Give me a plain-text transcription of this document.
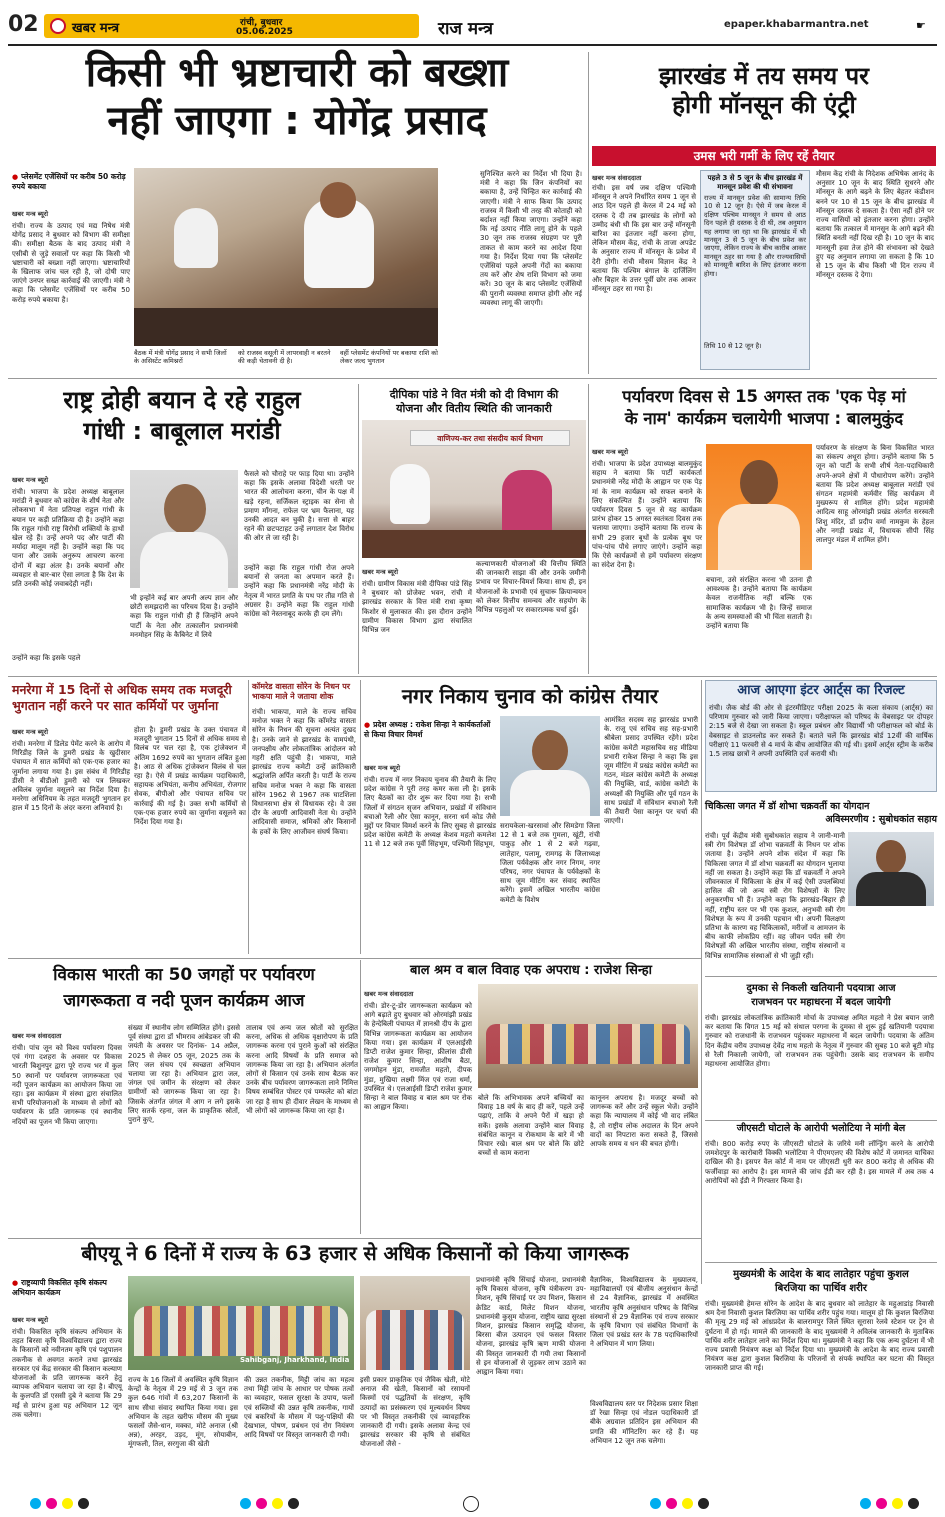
02	खबर मन्त्र	रांची, बुधवार
05.06.2025	राज मन्त्र	epaper.khabarmantra.net	☛
किसी भी भ्रष्टाचारी को बख्शा
नहीं जाएगा : योगेंद्र प्रसाद
● प्लेसमेंट एजेंसियों पर करीब 50 करोड़ रुपये बकाया
खबर मन्त्र ब्यूरो
रांची। राज्य के उत्पाद एवं मद्य निषेध मंत्री योगेंद्र प्रसाद ने बुधवार को विभाग की समीक्षा की। समीक्षा बैठक के बाद उत्पाद मंत्री ने एसीबी से जुड़े सवालों पर कहा कि किसी भी भ्रष्टाचारी को बख्शा नहीं जाएगा। भ्रष्टाचारियों के खिलाफ जांच चल रही है, जो दोषी पाए जाएंगे उनपर सख्त कार्रवाई की जाएगी। मंत्री ने कहा कि प्लेसमेंट एजेंसियों पर करीब 50 करोड़ रुपये बकाया है।
बैठक में मंत्री योगेंद्र प्रसाद ने सभी जिलों के असिस्टेंट कमिश्नरों
को राजस्व वसूली में लापरवाही न बरतने की कड़ी चेतावनी दी है।
वहीं प्लेसमेंट कंपनियों पर बकाया राशि को लेकर जल्द भुगतान
सुनिश्चित करने का निर्देश भी दिया है। मंत्री ने कहा कि जिन कंपनियों का बकाया है, उन्हें चिन्हित कर कार्रवाई की जाएगी। मंत्री ने साफ किया कि उत्पाद राजस्व में किसी भी तरह की कोताही को बर्दाश्त नहीं किया जाएगा। उन्होंने कहा कि नई उत्पाद नीति लागू होने के पहले 30 जून तक राजस्व संग्रहण पर पूरी ताकत से काम करने का आदेश दिया गया है। निर्देश दिया गया कि प्लेसमेंट एजेंसियां पहले अपनी गेंदों का बकाया तय करें और शेष राशि विभाग को जमा करें। 30 जून के बाद प्लेसमेंट एजेंसियों की पुरानी व्यवस्था समाप्त होगी और नई व्यवस्था लागू की जाएगी।
झारखंड में तय समय पर
होगी मॉनसून की एंट्री
उमस भरी गर्मी के लिए रहें तैयार
खबर मन्त्र संवाददाता
रांची। इस वर्ष जब दक्षिण पश्चिमी मॉनसून ने अपने निर्धारित समय 1 जून से आठ दिन पहले ही केरल में 24 मई को दस्तक दे दी तब झारखंड के लोगों को उम्मीद बंधी थी कि इस बार उन्हें मॉनसूनी बारिश का इंतजार नहीं करना होगा, लेकिन मौसम केंद्र, रांची के ताजा अपडेट के अनुसार राज्य में मॉनसून के प्रवेश में देरी होगी। रांची मौसम विज्ञान केंद्र ने बताया कि पश्चिम बंगाल के दार्जिलिंग और बिहार के उत्तर पूर्वी छोर तक आकर मॉनसून ठहर सा गया है।
पहले 3 से 5 जून के बीच झारखंड में मानसून प्रवेश की थी संभावना
राज्य में मानसून प्रवेश की सामान्य तिथि 10 से 12 जून है। ऐसे में जब केरल में दक्षिण पश्चिम मानसून ने समय से आठ दिन पहले ही दस्तक दे दी थी, तब अनुमान यह लगाया जा रहा था कि झारखंड में भी मानसून 3 से 5 जून के बीच प्रवेश कर जाएगा, लेकिन राज्य के बीच कारीब आकर मानसून ठहर सा गया है और राज्यवासियों को मानसूनी बारिश के लिए इंतजार करना होगा।
तिथि 10 से 12 जून है।
मौसम केंद्र रांची के निदेशक अभिषेक आनंद के अनुसार 10 जून के बाद स्थिति सुधरने और मॉनसून के आगे बढ़ने के लिए बेहतर कंडीशन बनने पर 10 से 15 जून के बीच झारखंड में मॉनसून दस्तक दे सकता है। ऐसा नहीं होने पर राज्य वासियों को इंतजार करना होगा। उन्होंने बताया कि तत्काल में मानसून के आगे बढ़ने की स्थिति बनती नहीं दिख रही है। 10 जून के बाद मानसूनी हवा तेज होने की संभावना को देखते हुए यह अनुमान लगाया जा सकता है कि 10 से 15 जून के बीच किसी भी दिन राज्य में मॉनसून दस्तक दे देगा।
राष्ट्र द्रोही बयान दे रहे राहुल
गांधी : बाबूलाल मरांडी
खबर मन्त्र ब्यूरो
रांची। भाजपा के प्रदेश अध्यक्ष बाबूलाल मरांडी ने बुधवार को कांग्रेस के शीर्ष नेता और लोकसभा में नेता प्रतिपक्ष राहुल गांधी के बयान पर कड़ी प्रतिक्रिया दी है। उन्होंने कहा कि राहुल गांधी राष्ट्र विरोधी शक्तियों के हाथों खेल रहे हैं। उन्हें अपने पद और पार्टी की मर्यादा मालूम नहीं है। उन्होंने कहा कि पद पाना और उसके अनुरूप आचरण करना दोनों में बड़ा अंतर है। उनके बयानों और व्यवहार से बार-बार ऐसा लगता है कि देश के प्रति उनकी कोई जवाबदेही नहीं।
उन्होंने कहा कि इसके पहले
भी इन्होंने कई बार अपनी अल्प ज्ञान और छोटी समझदारी का परिचय दिया है। उन्होंने कहा कि राहुल गांधी ही हैं जिन्होंने अपने पार्टी के नेता और तत्कालीन प्रधानमंत्री मनमोहन सिंह के कैबिनेट में लिये
फैसले को चौराहे पर फाड़ दिया था। उन्होंने कहा कि इसके अलावा विदेशी धरती पर भारत की आलोचना करना, चीन के पक्ष में खड़े रहना, सर्जिकल स्ट्राइक का सेना से प्रमाण माँगना, राफेल पर भ्रम फैलाना, यह उनकी आदत बन चुकी है। सत्ता से बाहर रहने की छटपटाहट उन्हें लगातार देश विरोध की ओर ले जा रही है।
उन्होंने कहा कि राहुल गांधी रोज अपने बयानों से जनता का अपमान करते हैं। उन्होंने कहा कि प्रधानमंत्री नरेंद्र मोदी के नेतृत्व में भारत प्रगति के पथ पर तीव्र गति से अग्रसर है। उन्होंने कहा कि राहुल गांधी कांग्रेस को नेस्तनाबूद करके ही दम लेंगे।
दीपिका पांडे ने वित मंत्री को दी विभाग की
योजना और वितीय स्थिति की जानकारी
वाणिज्य-कर तथा संसदीय कार्य विभाग
खबर मन्त्र ब्यूरो
रांची। ग्रामीण विकास मंत्री दीपिका पांडे सिंह ने बुधवार को प्रोजेक्ट भवन, रांची में झारखंड सरकार के वित्त मंत्री राधा कृष्ण किशोर से मुलाकात की। इस दौरान उन्होंने ग्रामीण विकास विभाग द्वारा संचालित विभिन्न जन
कल्याणकारी योजनाओं की वित्तीय स्थिति की जानकारी साझा की और उनके जमीनी प्रभाव पर विचार-विमर्श किया। साथ ही, इन योजनाओं के प्रभावी एवं सुचारू क्रियान्वयन को लेकर वित्तीय समन्वय और सहयोग के विभिन्न पहलुओं पर सकारात्मक चर्चा हुई।
पर्यावरण दिवस से 15 अगस्त तक 'एक पेड़ मां
के नाम' कार्यक्रम चलायेगी भाजपा : बालमुकुंद
खबर मन्त्र ब्यूरो
रांची। भाजपा के प्रदेश उपाध्यक्ष बालमुकुंद सहाय ने बताया कि पार्टी कार्यकर्ता प्रधानमंत्री नरेंद्र मोदी के आह्वान पर एक पेड़ मां के नाम कार्यक्रम को सफल बनाने के लिए संकल्पित हैं। उन्होंने बताया कि पर्यावरण दिवस 5 जून से यह कार्यक्रम प्रारंभ होकर 15 अगस्त स्वतंत्रता दिवस तक चलाया जाएगा। उन्होंने बताया कि राज्य के सभी 29 हजार बूथों के प्रत्येक बूथ पर पांच-पांच पौधे लगाए जाएंगे। उन्होंने कहा कि ऐसे कार्यक्रमों से हमें पर्यावरण संरक्षण का संदेश देना है।
बचाना, उसे संरक्षित करना भी उतना ही आवश्यक है। उन्होंने बताया कि कार्यक्रम केवल राजनीतिक नहीं बल्कि एक सामाजिक कार्यक्रम भी है। जिन्हें समाज के अन्य समस्याओं की भी चिंता सताती है। उन्होंने बताया कि
पर्यावरण के संरक्षण के बिना विकसित भारत का संकल्प अधूरा होगा। उन्होंने बताया कि 5 जून को पार्टी के सभी शीर्ष नेता-पदाधिकारी अपने-अपने क्षेत्रों में पौधारोपण करेंगे। उन्होंने बताया कि प्रदेश अध्यक्ष बाबूलाल मरांडी एवं संगठन महामंत्री कर्मवीर सिंह कार्यक्रम में मुख्यरूप से शामिल होंगे। प्रदेश महामंत्री आदित्य साहू ओरमांझी प्रखंड अंतर्गत सरस्वती शिशु मंदिर, डॉ प्रदीप वर्मा नामकुम के हेहल और नगड़ी प्रखंड में, विधायक सीपी सिंह लालपुर मंडल में शामिल होंगे।
मनरेगा में 15 दिनों से अधिक समय तक मजदूरी भुगतान नहीं करने पर सात कर्मियों पर जुर्माना
खबर मन्त्र ब्यूरो
रांची। मनरेगा में डिलेड पेमेंट करने के आरोप में गिरिडीह जिले के डुमरी प्रखंड के खुदीसार पंचायत में सात कर्मियों को एक-एक हजार का जुर्माना लगाया गया है। इस संबंध में गिरिडीह डीसी ने बीडीओ डुमरी को पत्र लिखकर अविलंब जुर्माना वसूलने का निर्देश दिया है। मनरेगा अधिनियम के तहत मजदूरी भुगतान हर हाल में 15 दिनों के अंदर करना अनिवार्य है।
होता है। डुमरी प्रखंड के उक्त पंचायत में मजदूरी भुगतान 15 दिनों से अधिक समय से विलंब पर चल रहा है, एक ट्रांजेक्शन में अंतिम 1692 रुपये का भुगतान लंबित हुआ है। आठ से अधिक ट्रांजेक्शन विलंब से चल रहा है। ऐसे में प्रखंड कार्यक्रम पदाधिकारी, सहायक अभियंता, कनीय अभियंता, रोजगार सेवक, बीपीओ और पंचायत सचिव पर कार्रवाई की गई है। उक्त सभी कर्मियों से एक-एक हजार रुपये का जुर्माना वसूलने का निर्देश दिया गया है।
कॉमरेड वासता सोरेन के निधन पर भाकपा माले ने जताया शोक
रांची। भाकपा, माले के राज्य सचिव मनोज भक्त ने कहा कि कॉमरेड वासता सोरेन के निधन की सूचना अत्यंत दुखद है। उनके जाने से झारखंड के वामपंथी, जनपक्षीय और लोकतांत्रिक आंदोलन को गहरी क्षति पहुंची है। भाकपा, माले झारखंड राज्य कमेटी उन्हें क्रांतिकारी श्रद्धांजलि अर्पित करती है। पार्टी के राज्य सचिव मनोज भक्त ने कहा कि वासता सोरेन 1962 से 1967 तक घाटशिला विधानसभा क्षेत्र से विधायक रहे। वे उस दौर के अग्रणी आदिवासी नेता थे। उन्होंने आदिवासी समाज, श्रमिकों और किसानों के हकों के लिए आजीवन संघर्ष किया।
नगर निकाय चुनाव को कांग्रेस तैयार
● प्रदेश अध्यक्ष : राकेश सिन्हा ने कार्यकर्ताओं से किया विचार विमर्श
खबर मन्त्र ब्यूरो
रांची। राज्य में नगर निकाय चुनाव की तैयारी के लिए प्रदेश कांग्रेस ने पूरी तरह कमर कस ली है। इसके लिए बैठकों का दौर शुरू कर दिया गया है। सभी जिलों में संगठन सृजन अभियान, प्रखंडों में संविधान बचाओ रैली और ऐसा कानून, सरना धर्म कोड जैसे मुद्दों पर विचार विमर्श करने के लिए सुबह से झारखंड प्रदेश कांग्रेस कमेटी के अध्यक्ष केशव महतो कमलेश 11 से 12 बजे तक पूर्वी सिंहभूम, पश्चिमी सिंहभूम,
सरायकेला-खरसावां और सिमडेगा जिला 12 से 1 बजे तक गुमला, खूंटी, रांची पाकुड़ और 1 से 2 बजे गढ़वा, लातेहार, पलामू, रामगढ़ के जिलाध्यक्ष जिला पर्यवेक्षक और नगर निगम, नगर परिषद, नगर पंचायत के पर्यवेक्षकों के साथ जूम मीटिंग कर संवाद स्थापित करेंगे। इसमें अखिल भारतीय कांग्रेस कमेटी के विशेष
आमंत्रित सदस्य सह झारखंड प्रभारी के. राजू एवं सचिव सह सह-प्रभारी श्रीबेला प्रसाद उपस्थित रहेंगे। प्रदेश कांग्रेस कमेटी महासचिव सह मीडिया प्रभारी राकेश सिन्हा ने कहा कि इस जूम मीटिंग में प्रखंड कांग्रेस कमेटी का गठन, मंडल कांग्रेस कमेटी के अध्यक्ष की नियुक्ति, वार्ड, कांग्रेस कमेटी के अध्यक्षों की नियुक्ति और पूर्व गठन के साथ प्रखंडों में संविधान बचाओ रैली की तैयारी पेसा कानून पर चर्चा की जाएगी।
आज आएगा इंटर आर्ट्स का रिजल्ट
रांची। जैक बोर्ड की ओर से इंटरमीडिएट परीक्षा 2025 के कला संकाय (आर्ट्स) का परिणाम गुरुवार को जारी किया जाएगा। परीक्षाफल को परिषद के वेबसाइट पर दोपहर 2:15 बजे से देखा जा सकता है। स्कूल प्रबंधन और विद्यार्थी भी परीक्षाफल को बोर्ड के वेबसाइट से डाउनलोड कर सकते हैं। बताते चलें कि झारखंड बोर्ड 12वीं की वार्षिक परीक्षाएं 11 फरवरी से 4 मार्च के बीच आयोजित की गई थी। इसमें आर्ट्स स्ट्रीम के करीब 1.5 लाख छात्रों ने अपनी उपस्थिति दर्ज करायी थी।
चिकित्सा जगत में डॉ शोभा चक्रवर्ती का योगदान
अविस्मरणीय : सुबोधकांत सहाय
रांची। पूर्व केंद्रीय मंत्री सुबोधकांत सहाय ने जानी-मानी स्त्री रोग विशेषज्ञ डॉ शोभा चक्रवर्ती के निधन पर शोक जताया है। उन्होंने अपने शोक संदेश में कहा कि चिकित्सा जगत में डॉ शोभा चक्रवर्ती का योगदान भुलाया नहीं जा सकता है। उन्होंने कहा कि डॉ चक्रवर्ती ने अपने जीवनकाल में चिकित्सा के क्षेत्र में कई ऐसी उपलब्धियां हासिल की जो अन्य स्त्री रोग विशेषज्ञों के लिए अनुकरणीय भी हैं। उन्होंने कहा कि झारखंड-बिहार ही नहीं, राष्ट्रीय स्तर पर भी एक कुशल, अनुभवी स्त्री रोग विशेषज्ञ के रूप में उनकी पहचान थी। अपनी विलक्षण प्रतिभा के कारण वह चिकित्सकों, मरीजों व आमजन के बीच काफी लोकप्रिय रहीं। वह जीवन पर्यंत स्त्री रोग विशेषज्ञों की अखिल भारतीय संस्था, राष्ट्रीय संस्थानों व विभिन्न सामाजिक संस्थाओं से भी जुड़ी रहीं।
विकास भारती का 50 जगहों पर पर्यावरण
जागरूकता व नदी पूजन कार्यक्रम आज
खबर मन्त्र संवाददाता
रांची। पांच जून को विश्व पर्यावरण दिवस एवं गंगा दशहरा के अवसर पर विकास भारती बिशुनपुर द्वारा पूरे राज्य भर में कुल 50 स्थानों पर पर्यावरण जागरूकता एवं नदी पूजन कार्यक्रम का आयोजन किया जा रहा। इस कार्यक्रम में संस्था द्वारा संचालित सभी परियोजनाओं के माध्यम से लोगों को पर्यावरण के प्रति जागरूक एवं स्थानीय नदियों का पूजन भी किया जाएगा।
संख्या में स्थानीय लोग सम्मिलित होंगे। इससे पूर्व संस्था द्वारा डॉ भीमराव आंबेडकर जी की जयंती के अवसर पर दिनांक- 14 अप्रैल, 2025 से लेकर 05 जून, 2025 तक के लिए जल संचय एवं स्वच्छता अभियान चलाया जा रहा है। अभियान द्वारा जल, जंगल एवं जमीन के संरक्षण को लेकर ग्रामीणों को जागरूक किया जा रहा है। जिसके अंतर्गत जंगल में आग न लगे इसके लिए सतर्क रहना, जल के प्राकृतिक स्रोतों, पुराने कुएं,
तालाब एवं अन्य जल स्रोतों को सुरक्षित करना, अधिक से अधिक वृक्षारोपण के प्रति जागरूक करना एवं पुराने कुओं को संरक्षित करना आदि विषयों के प्रति समाज को जागरूक किया जा रहा है। अभियान अंतर्गत लोगों से किसान एवं उनके साथ बैठक कर उनके बीच पर्यावरण जागरूकता लाने निमित्त विषय सम्बंधित पोस्टर एवं पम्फलेट को बांटा जा रहा है साथ ही दीवार लेखन के माध्यम से भी लोगों को जागरूक किया जा रहा है।
बाल श्रम व बाल विवाह एक अपराध : राजेश सिन्हा
खबर मन्त्र संवाददाता
रांची। डोर-टू-डोर जागरूकता कार्यक्रम को आगे बढ़ाते हुए बुधवार को ओरमांझी प्रखंड के हेन्देबिली पंचायत में ज्ञानश्री दीप के द्वारा विभिन्न जागरूकता कार्यक्रम का आयोजन किया गया। इस कार्यक्रम में एलआईसी डिप्टी राजेश कुमार सिन्हा, फ्रीलांस डीसी राजेश कुमार सिन्हा, आशीष बैठा, जगमोहन मुंडा, रामजीत महतो, दीपक मुंडा, मुखिया लक्ष्मी मिंज एवं राजा धर्मा, उपस्थित थे। एलआईसी डिप्टी राजेश कुमार सिन्हा ने बाल विवाह व बाल श्रम पर रोक का आह्वान किया।
बोले कि अभिभावक अपने बच्चियों का विवाह 18 वर्ष के बाद ही करें, पहले उन्हें पढ़ाएं, ताकि वे अपने पैरों में खड़ा हो सकें। इसके अलावा उन्होंने बाल विवाह संबंधित कानून व रोकथाम के बारे में भी विचार रखे। बाल श्रम पर बोले कि छोटे बच्चों से काम कराना
कानूनन अपराध है। मजदूर बच्चों को जागरूक करें और उन्हें स्कूल भेजें। उन्होंने कहा कि न्यायालय में कोई भी वाद लंबित है, तो राष्ट्रीय लोक अदालत के दिन अपने वादों का निपटारा करा सकते हैं, जिससे आपके समय व धन की बचत होगी।
दुमका से निकली खतियानी पदयात्रा आज
राजभवन पर महाधरना में बदल जायेगी
रांची। झारखंड लोकतांत्रिक क्रांतिकारी मोर्चा के उपाध्यक्ष अमित महतो ने प्रेस बयान जारी कर बताया कि विगत 15 मई को संथाल परगना के दुमका से शुरू हुई खतियानी पदयात्रा गुरुवार को राजधानी के राजभवन पहुंचकर महाधरना में बदल जायेगी। पदयात्रा के अंतिम दिन केंद्रीय वरीय उपाध्यक्ष देवेंद्र नाथ महतो के नेतृत्व में गुरुवार की सुबह 10 बजे बूटी मोड़ से रैली निकाली जायेगी, जो राजभवन तक पहुंचेगी। उसके बाद राजभवन के समीप महाधरना आयोजित होगा।
जीएसटी घोटाले के आरोपी भलोटिया ने मांगी बेल
रांची। 800 करोड़ रुपए के जीएसटी घोटाले के जरिये मनी लॉन्ड्रिंग करने के आरोपी जमशेदपुर के कारोबारी विक्की भलोटिया ने पीएमएलए की विशेष कोर्ट में जमानत याचिका दाखिल की है। इसपर वैल कोर्ट में नाम पर जीएसटी धुरी कर 800 करोड़ से अधिक की फर्जीवाड़ा का आरोप है। इस मामले की जांच ईडी कर रही है। इस मामले में अब तक 4 आरोपियों को ईडी ने गिरफ्तार किया है।
बीएयू ने 6 दिनों में राज्य के 63 हजार से अधिक किसानों को किया जागरूक
● राष्ट्रव्यापी विकसित कृषि संकल्प अभियान कार्यक्रम
खबर मन्त्र ब्यूरो
रांची। विकसित कृषि संकल्प अभियान के तहत बिरसा कृषि विश्वविद्यालय द्वारा राज्य के किसानों को नवीनतम कृषि एवं पशुपालन तकनीक से अवगत कराने तथा झारखंड सरकार एवं केंद्र सरकार की किसान कल्याण योजनाओं के प्रति जागरूक करने हेतु व्यापक अभियान चलाया जा रहा है। बीएयू के कुलपति डॉ एससी दुबे ने बताया कि 29 मई से प्रारंभ हुआ यह अभियान 12 जून तक चलेगा।
Sahibganj, Jharkhand, India
राज्य के 16 जिलों में अवस्थित कृषि विज्ञान केन्द्रों के नेतृत्व में 29 मई से 3 जून तक कुल 646 गांवों में 63,207 किसानों के साथ सीधा संवाद स्थापित किया गया। इस अभियान के तहत खरीफ मौसम की मुख्य फसलों जैसे-धान, मक्का, मोटे अनाज (श्री अन्न), अरहर, उड़द, मूंग, सोयाबीन, मूंगफली, तिल, सरगुजा की खेती
की उन्नत तकनीक, मिट्टी जांच का महत्व तथा मिट्टी जांच के आधार पर पोषक तत्वों का व्यवहार, फसल सुरक्षा के उपाय, फलों एवं सब्जियों की उन्नत कृषि तकनीक, गायों एवं बकरियों के मौसम में पशु-पक्षियों की देखभाल, पोषण, प्रबंधन एवं रोग नियंत्रण आदि विषयों पर विस्तृत जानकारी दी गयी।
इसी प्रकार प्राकृतिक एवं जैविक खेती, मोटे अनाज की खेती, किसानों को रसायनों किस्मों एवं पद्धतियों के संरक्षण, कृषि उत्पादों का प्रसंस्करण एवं मूल्यवर्धन विषय पर भी विस्तृत तकनीकी एवं व्यावहारिक जानकारी दी गयी। इसके अलावा केन्द्र एवं झारखंड सरकार की कृषि से संबंधित योजनाओं जैसे -
प्रधानमंत्री कृषि सिंचाई योजना, प्रधानमंत्री कृषि विकास योजना, कृषि यंत्रीकरण उप-मिशन, कृषि सिंचाई पर उप मिशन, किसान क्रेडिट कार्ड, मिलेट मिशन योजना, प्रधानमंत्री कुसुम योजना, राष्ट्रीय खाद्य सुरक्षा मिशन, झारखंड किसान समृद्धि योजना, बिरसा बीज उत्पादन एवं फसल विस्तार योजना, झारखंड कृषि ऋण माफी योजना की विस्तृत जानकारी दी गयी तथा किसानों से इन योजनाओं से जुड़कर लाभ उठाने का आह्वान किया गया।
वैज्ञानिक, विश्वविद्यालय के मुख्यालय, महाविद्यालयों एवं बीजीय अनुसंधान केन्द्रों से 24 वैज्ञानिक, झारखंड में अवस्थित भारतीय कृषि अनुसंधान परिषद के विभिन्न संस्थानों से 29 वैज्ञानिक एवं राज्य सरकार के कृषि विभाग एवं संबंधित विभागों के जिला एवं प्रखंड स्तर के 78 पदाधिकारियों ने अभियान में भाग लिया।
विश्वविद्यालय स्तर पर निदेशक प्रसार शिक्षा डॉ रेखा सिन्हा एवं नोडल पदाधिकारी डॉ बीके अग्रवाल प्रतिदिन इस अभियान की प्रगति की मॉनिटरिंग कर रहे हैं। यह अभियान 12 जून तक चलेगा।
मुख्यमंत्री के आदेश के बाद लातेहार पहुंचा कुशल
बिरजिया का पार्थिव शरीर
रांची। मुख्यमंत्री हेमन्त सोरेन के आदेश के बाद बुधवार को लातेहार के महुआडांड़ निवासी श्रम दैना निवासी कुशल बिरजिया का पार्थिव शरीर पहुंच गया। मालूम हो कि कुशल बिरजिया की मृत्यु 29 मई को आंध्रप्रदेश के बालरामपुर जिले स्थित सूरासा रेलवे स्टेशन पर ट्रेन से दुर्घटना में हो गई। मामले की जानकारी के बाद मुख्यमंत्री ने अविलंब जानकारी के मुताबिक पार्थिव शरीर लातेहार लाने का निर्देश दिया था। मुख्यमंत्री ने कहा कि एक अन्य दुर्घटना में भी राज्य प्रवासी नियंत्रण कक्ष को निर्देश दिया था। मुख्यमंत्री के आदेश के बाद राज्य प्रवासी नियंत्रण कक्ष द्वारा कुशल बिरजिया के परिजनों से संपर्क स्थापित कर घटना की विस्तृत जानकारी प्राप्त की गई।
